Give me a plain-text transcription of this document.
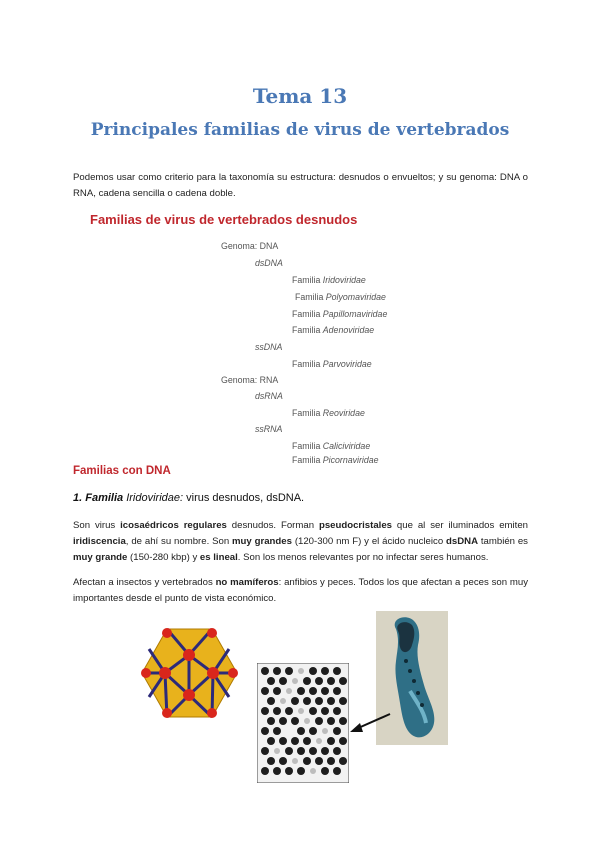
Tema 13
Principales familias de virus de vertebrados
Podemos usar como criterio para la taxonomía su estructura: desnudos o envueltos; y su genoma: DNA o RNA, cadena sencilla o cadena doble.
Familias de virus de vertebrados desnudos
Genoma: DNA
dsDNA
Familia Iridoviridae
Familia Polyomaviridae
Familia Papillomaviridae
Familia Adenoviridae
ssDNA
Familia Parvoviridae
Genoma: RNA
dsRNA
Familia Reoviridae
ssRNA
Familia Caliciviridae
Familia Picornaviridae
Familias con DNA
1. Familia Iridoviridae: virus desnudos, dsDNA.
Son virus icosaédricos regulares desnudos. Forman pseudocristales que al ser iluminados emiten iridiscencia, de ahí su nombre. Son muy grandes (120-300 nm F) y el ácido nucleico dsDNA también es muy grande (150-280 kbp) y es lineal. Son los menos relevantes por no infectar seres humanos.
Afectan a insectos y vertebrados no mamíferos: anfibios y peces. Todos los que afectan a peces son muy importantes desde el punto de vista económico.
